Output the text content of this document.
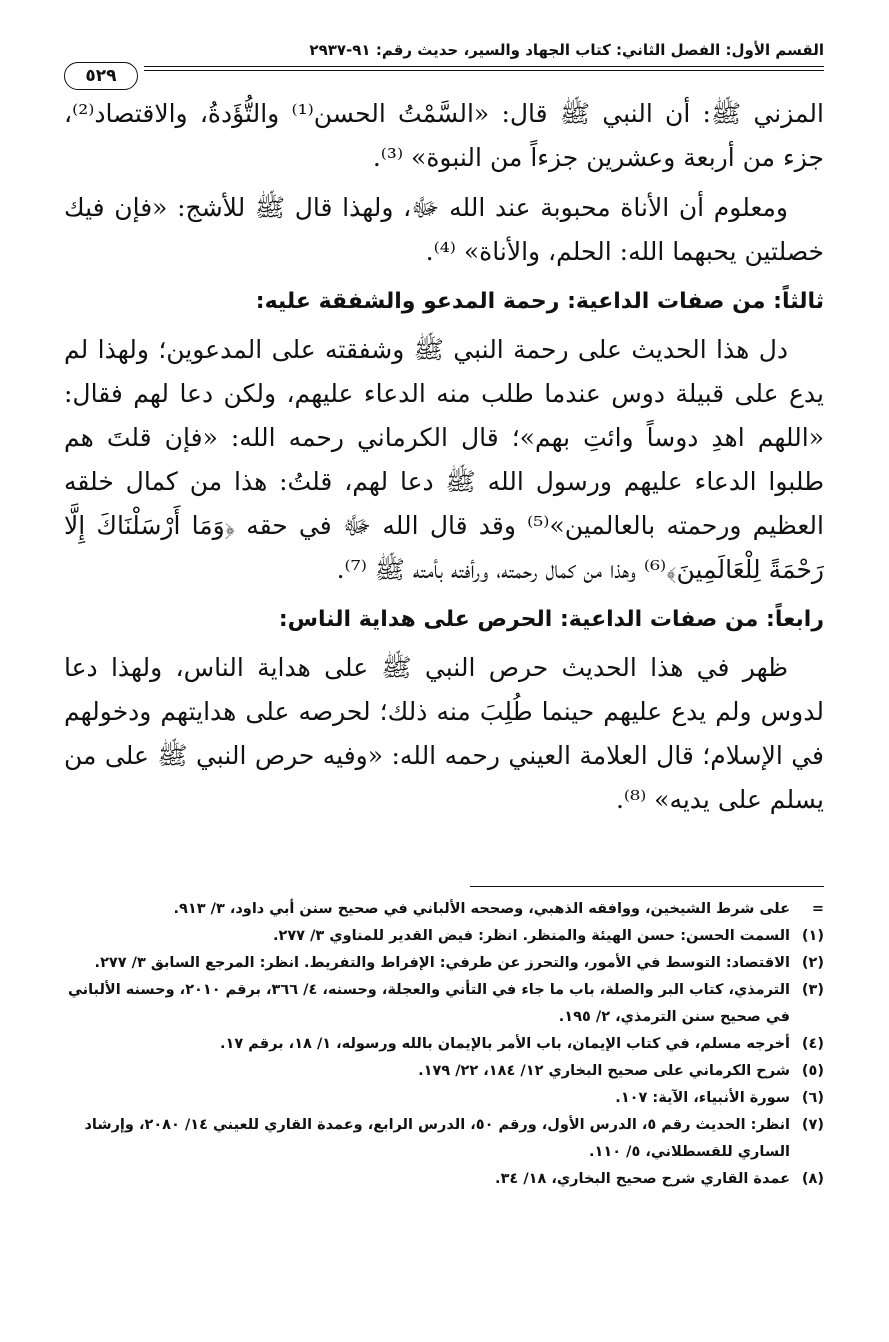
القسم الأول: الفصل الثاني: كتاب الجهاد والسير، حديث رقم: ٩١-٢٩٣٧
٥٢٩

المزني ﷺ: أن النبي ﷺ قال: «السَّمْتُ الحسن⁽¹⁾ والتُّؤَدةُ، والاقتصاد⁽²⁾، جزء من أربعة وعشرين جزءاً من النبوة» ⁽³⁾.

ومعلوم أن الأناة محبوبة عند الله ﷻ، ولهذا قال ﷺ للأشج: «فإن فيك خصلتين يحبهما الله: الحلم، والأناة» ⁽⁴⁾.

ثالثاً: من صفات الداعية: رحمة المدعو والشفقة عليه:

دل هذا الحديث على رحمة النبي ﷺ وشفقته على المدعوين؛ ولهذا لم يدع على قبيلة دوس عندما طلب منه الدعاء عليهم، ولكن دعا لهم فقال: «اللهم اهدِ دوساً وائتِ بهم»؛ قال الكرماني رحمه الله: «فإن قلتَ هم طلبوا الدعاء عليهم ورسول الله ﷺ دعا لهم، قلتُ: هذا من كمال خلقه العظيم ورحمته بالعالمين»⁽⁵⁾ وقد قال الله ﷻ في حقه ﴿وَمَا أَرْسَلْنَاكَ إِلَّا رَحْمَةً لِلْعَالَمِينَ﴾⁽⁶⁾ وهذا من كمال رحمته، ورأفته بأمته ﷺ ⁽⁷⁾.

رابعاً: من صفات الداعية: الحرص على هداية الناس:

ظهر في هذا الحديث حرص النبي ﷺ على هداية الناس، ولهذا دعا لدوس ولم يدع عليهم حينما طُلِبَ منه ذلك؛ لحرصه على هدايتهم ودخولهم في الإسلام؛ قال العلامة العيني رحمه الله: «وفيه حرص النبي ﷺ على من يسلم على يديه» ⁽⁸⁾.

=
على شرط الشيخين، ووافقه الذهبي، وصححه الألباني في صحيح سنن أبي داود، ٣/ ٩١٣.

(١)
السمت الحسن: حسن الهيئة والمنظر. انظر: فيض القدير للمناوي ٣/ ٢٧٧.

(٢)
الاقتصاد: التوسط في الأمور، والتحرز عن طرفي: الإفراط والتفريط. انظر: المرجع السابق ٣/ ٢٧٧.

(٣)
الترمذي، كتاب البر والصلة، باب ما جاء في التأني والعجلة، وحسنه، ٤/ ٣٦٦، برقم ٢٠١٠، وحسنه الألباني في صحيح سنن الترمذي، ٢/ ١٩٥.

(٤)
أخرجه مسلم، في كتاب الإيمان، باب الأمر بالإيمان بالله ورسوله، ١/ ١٨، برقم ١٧.

(٥)
شرح الكرماني على صحيح البخاري ١٢/ ١٨٤، ٢٢/ ١٧٩.

(٦)
سورة الأنبياء، الآية: ١٠٧.

(٧)
انظر: الحديث رقم ٥، الدرس الأول، ورقم ٥٠، الدرس الرابع، وعمدة القاري للعيني ١٤/ ٢٠٨٠، وإرشاد الساري للقسطلاني، ٥/ ١١٠.

(٨)
عمدة القاري شرح صحيح البخاري، ١٨/ ٣٤.
